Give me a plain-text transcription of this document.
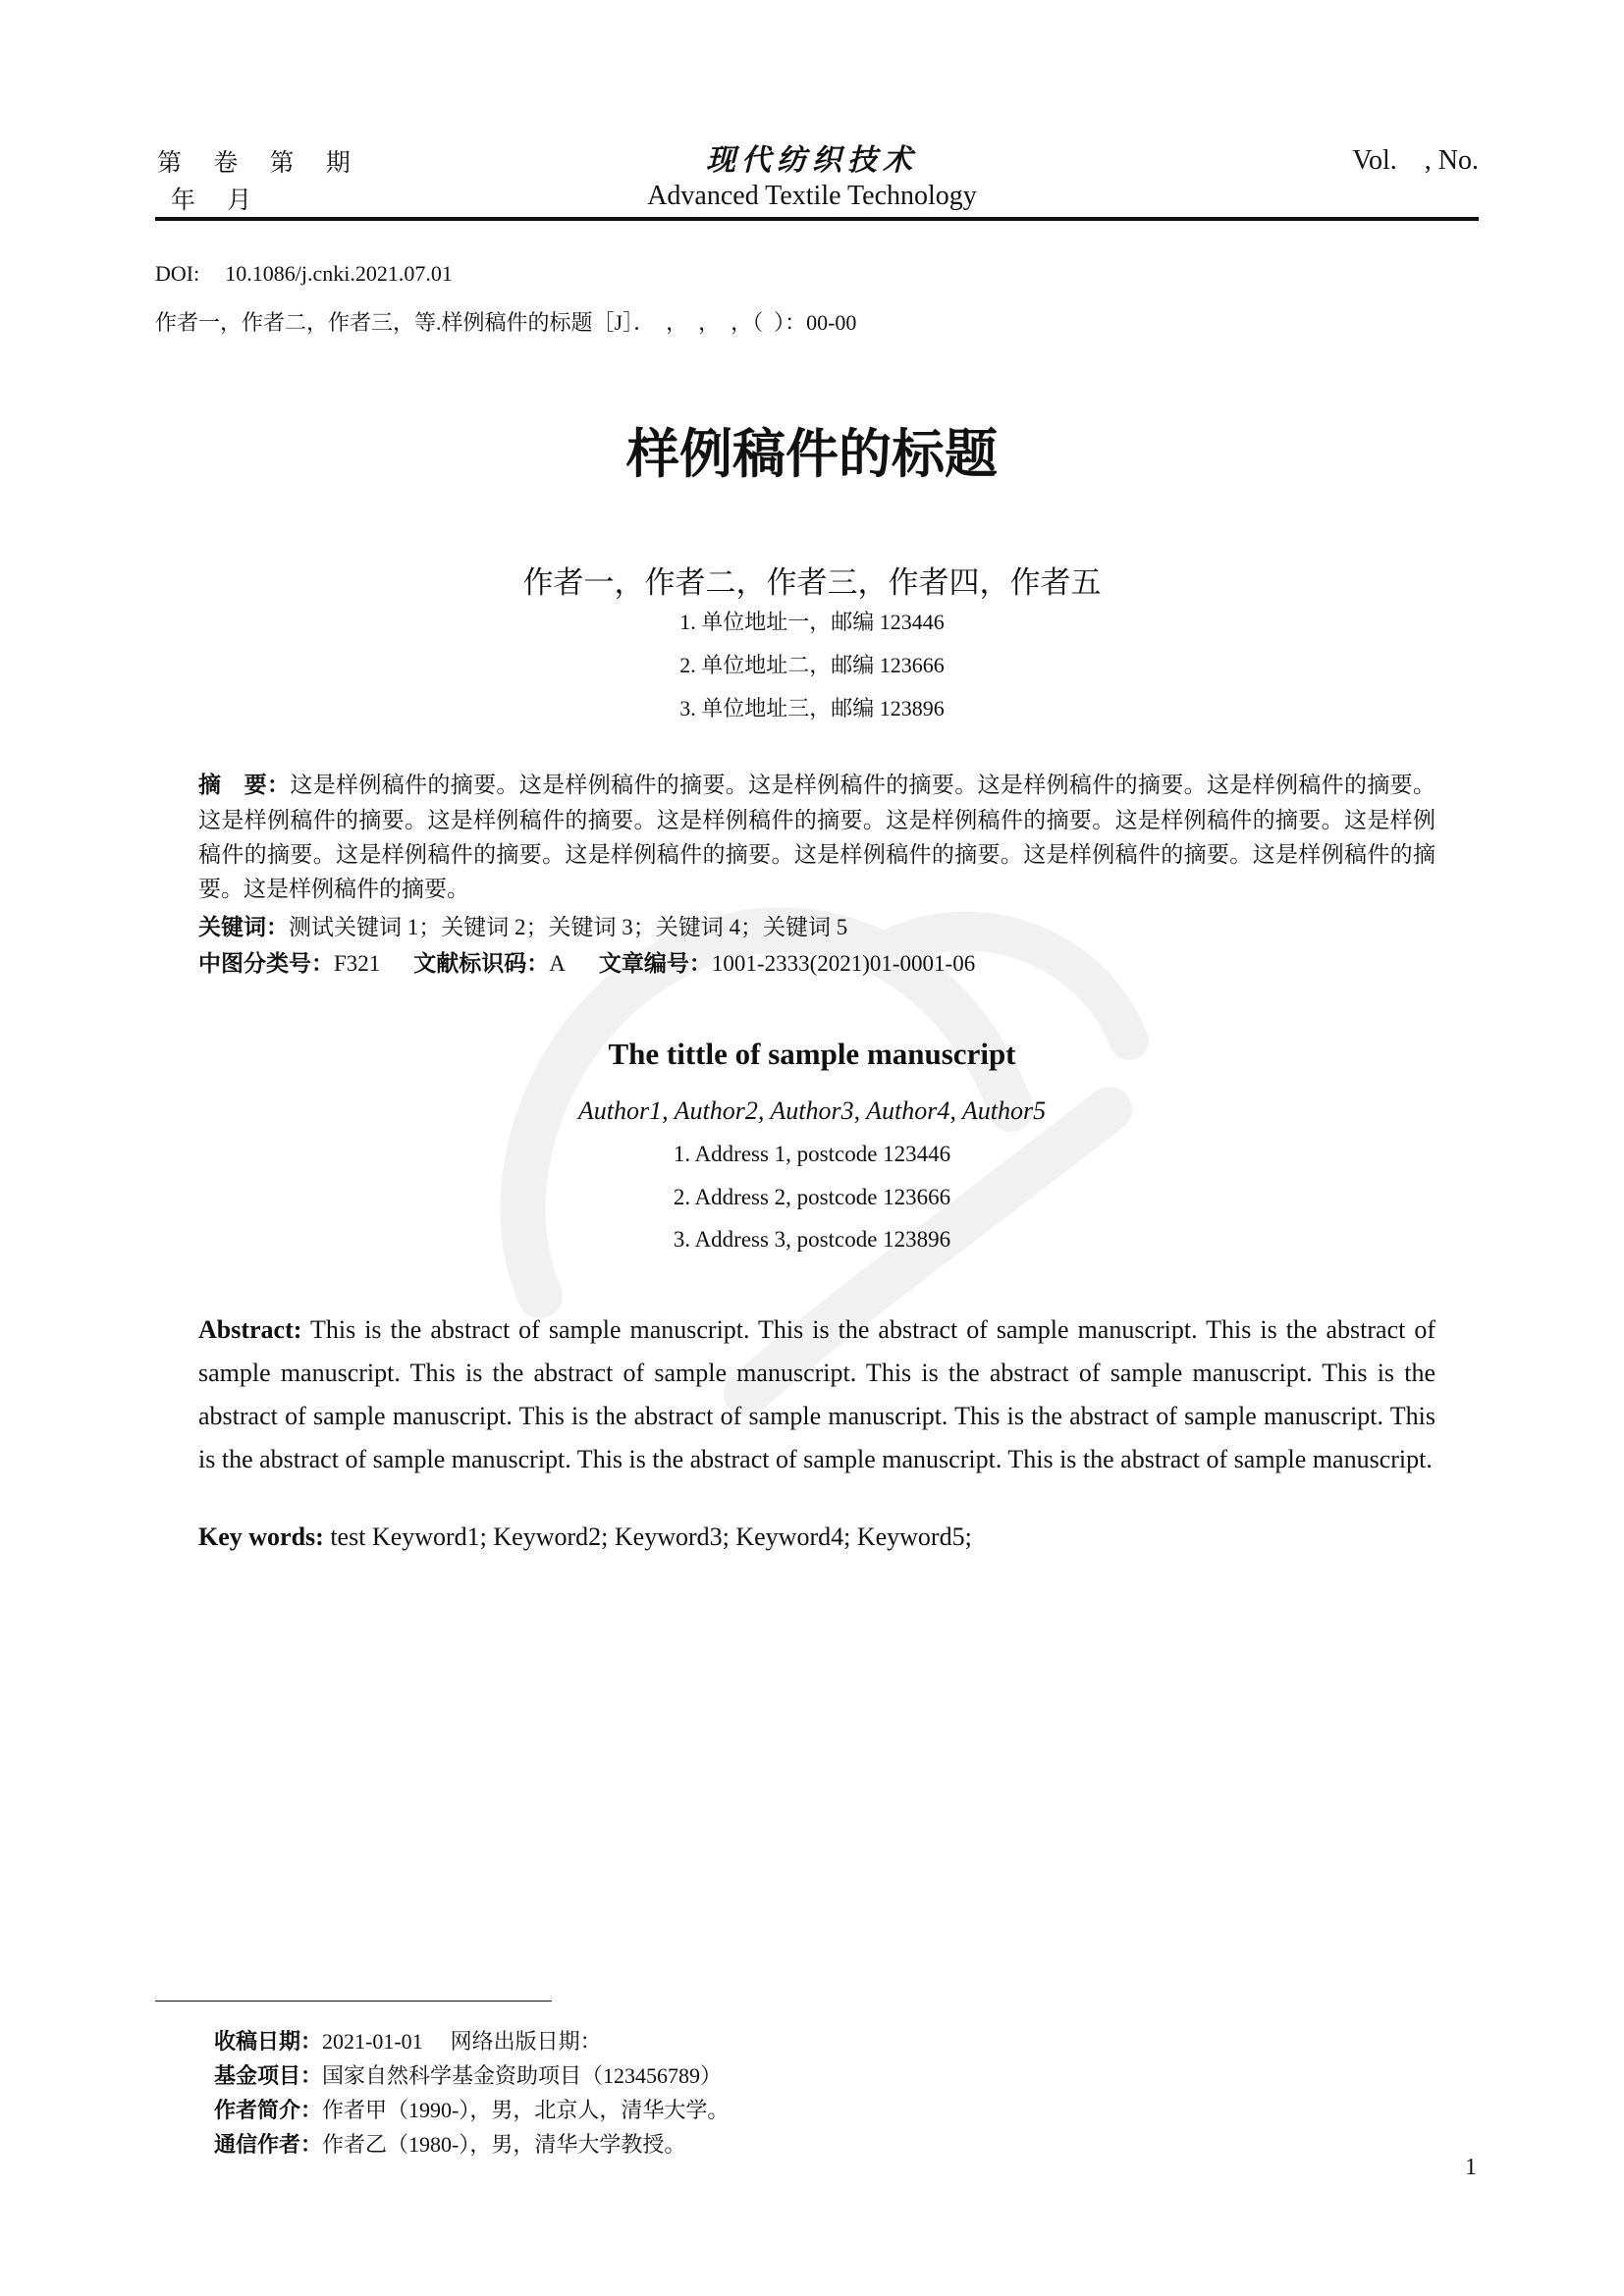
第 卷 第 期
年 月
现代纺织技术
Advanced Textile Technology
Vol.    , No.
DOI: 10.1086/j.cnki.2021.07.01
作者一，作者二，作者三，等.样例稿件的标题［J］．  ，  ，  ，（  ）：00-00
样例稿件的标题
作者一，作者二，作者三，作者四，作者五
1. 单位地址一，邮编 123446
2. 单位地址二，邮编 123666
3. 单位地址三，邮编 123896
摘　要：这是样例稿件的摘要。这是样例稿件的摘要。这是样例稿件的摘要。这是样例稿件的摘要。这是样例稿件的摘要。这是样例稿件的摘要。这是样例稿件的摘要。这是样例稿件的摘要。这是样例稿件的摘要。这是样例稿件的摘要。这是样例稿件的摘要。这是样例稿件的摘要。这是样例稿件的摘要。这是样例稿件的摘要。这是样例稿件的摘要。这是样例稿件的摘要。这是样例稿件的摘要。
关键词：测试关键词 1；关键词 2；关键词 3；关键词 4；关键词 5
中图分类号：F321 文献标识码：A 文章编号：1001-2333(2021)01-0001-06
The tittle of sample manuscript
Author1, Author2, Author3, Author4, Author5
1. Address 1, postcode 123446
2. Address 2, postcode 123666
3. Address 3, postcode 123896
Abstract: This is the abstract of sample manuscript. This is the abstract of sample manuscript. This is the abstract of sample manuscript. This is the abstract of sample manuscript. This is the abstract of sample manuscript. This is the abstract of sample manuscript. This is the abstract of sample manuscript. This is the abstract of sample manuscript. This is the abstract of sample manuscript. This is the abstract of sample manuscript. This is the abstract of sample manuscript.
Key words: test Keyword1; Keyword2; Keyword3; Keyword4; Keyword5;
收稿日期：2021-01-01 网络出版日期：
基金项目：国家自然科学基金资助项目（123456789）
作者简介：作者甲（1990-），男，北京人，清华大学。
通信作者：作者乙（1980-），男，清华大学教授。
1
